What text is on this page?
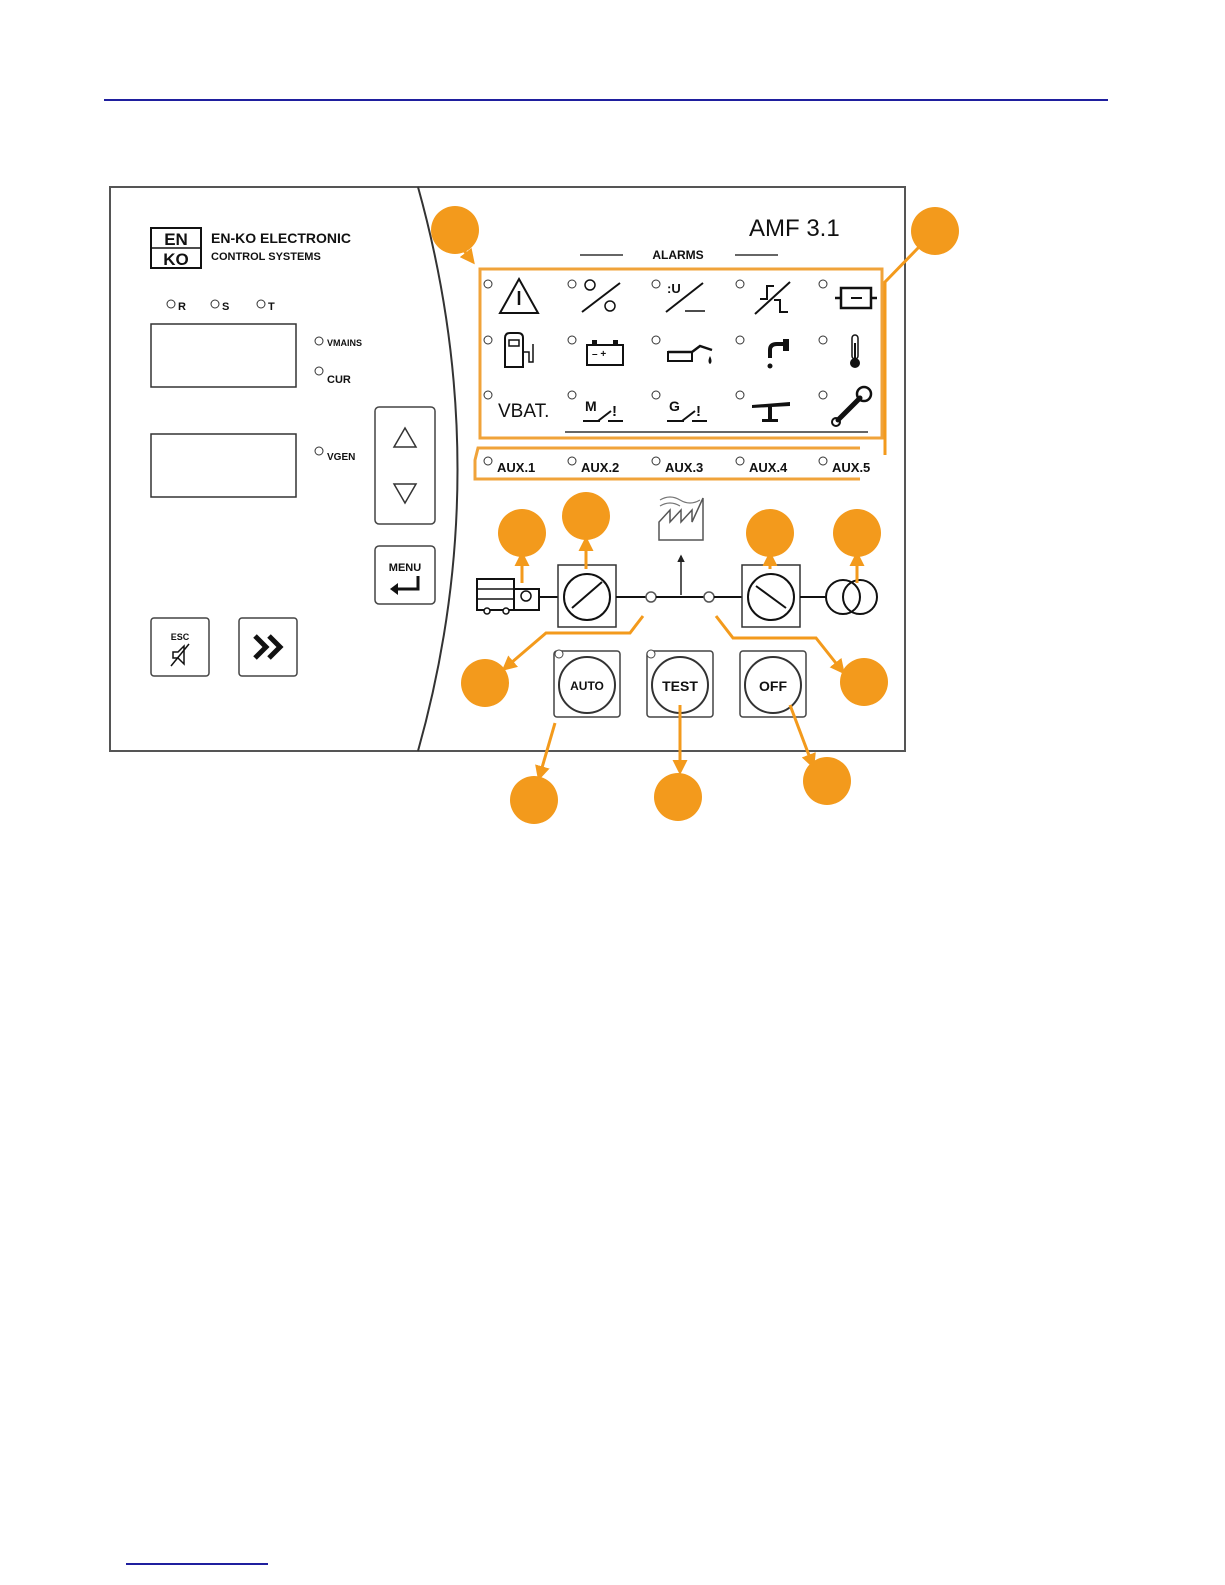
EN
KO
EN-KO ELECTRONIC
CONTROL SYSTEMS
AMF 3.1
ALARMS
R	S	T
VMAINS
CUR
VGEN
MENU
ESC
:U
– +
VBAT.	M !	G !
AUX.1	AUX.2	AUX.3	AUX.4	AUX.5
AUTO	TEST	OFF
